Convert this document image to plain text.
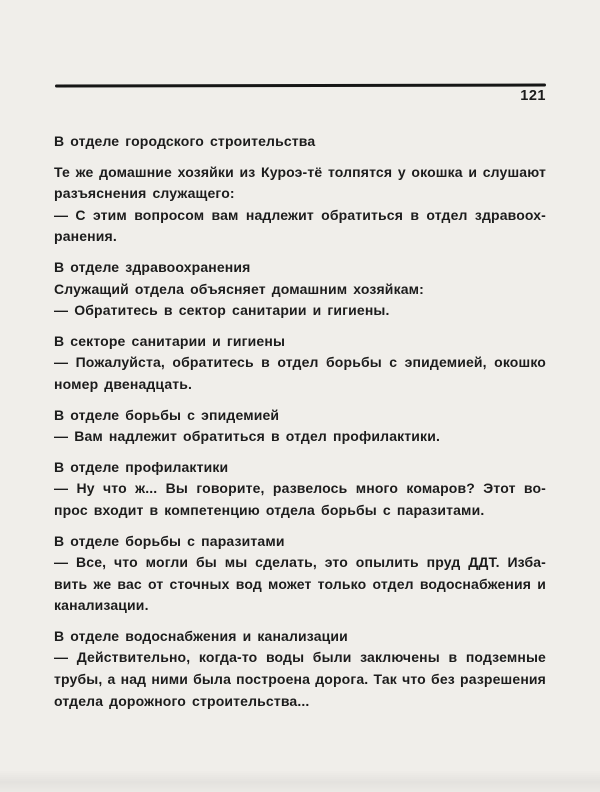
121
В отделе городского строительства
Те же домашние хозяйки из Куроэ-тё толпятся у окошка и слушают
разъяснения служащего:
— С этим вопросом вам надлежит обратиться в отдел здравоох-
ранения.
В отделе здравоохранения
Служащий отдела объясняет домашним хозяйкам:
— Обратитесь в сектор санитарии и гигиены.
В секторе санитарии и гигиены
— Пожалуйста, обратитесь в отдел борьбы с эпидемией, окошко
номер двенадцать.
В отделе борьбы с эпидемией
— Вам надлежит обратиться в отдел профилактики.
В отделе профилактики
— Ну что ж... Вы говорите, развелось много комаров? Этот во-
прос входит в компетенцию отдела борьбы с паразитами.
В отделе борьбы с паразитами
— Все, что могли бы мы сделать, это опылить пруд ДДТ. Изба-
вить же вас от сточных вод может только отдел водоснабжения и
канализации.
В отделе водоснабжения и канализации
— Действительно, когда-то воды были заключены в подземные
трубы, а над ними была построена дорога. Так что без разрешения
отдела дорожного строительства...
